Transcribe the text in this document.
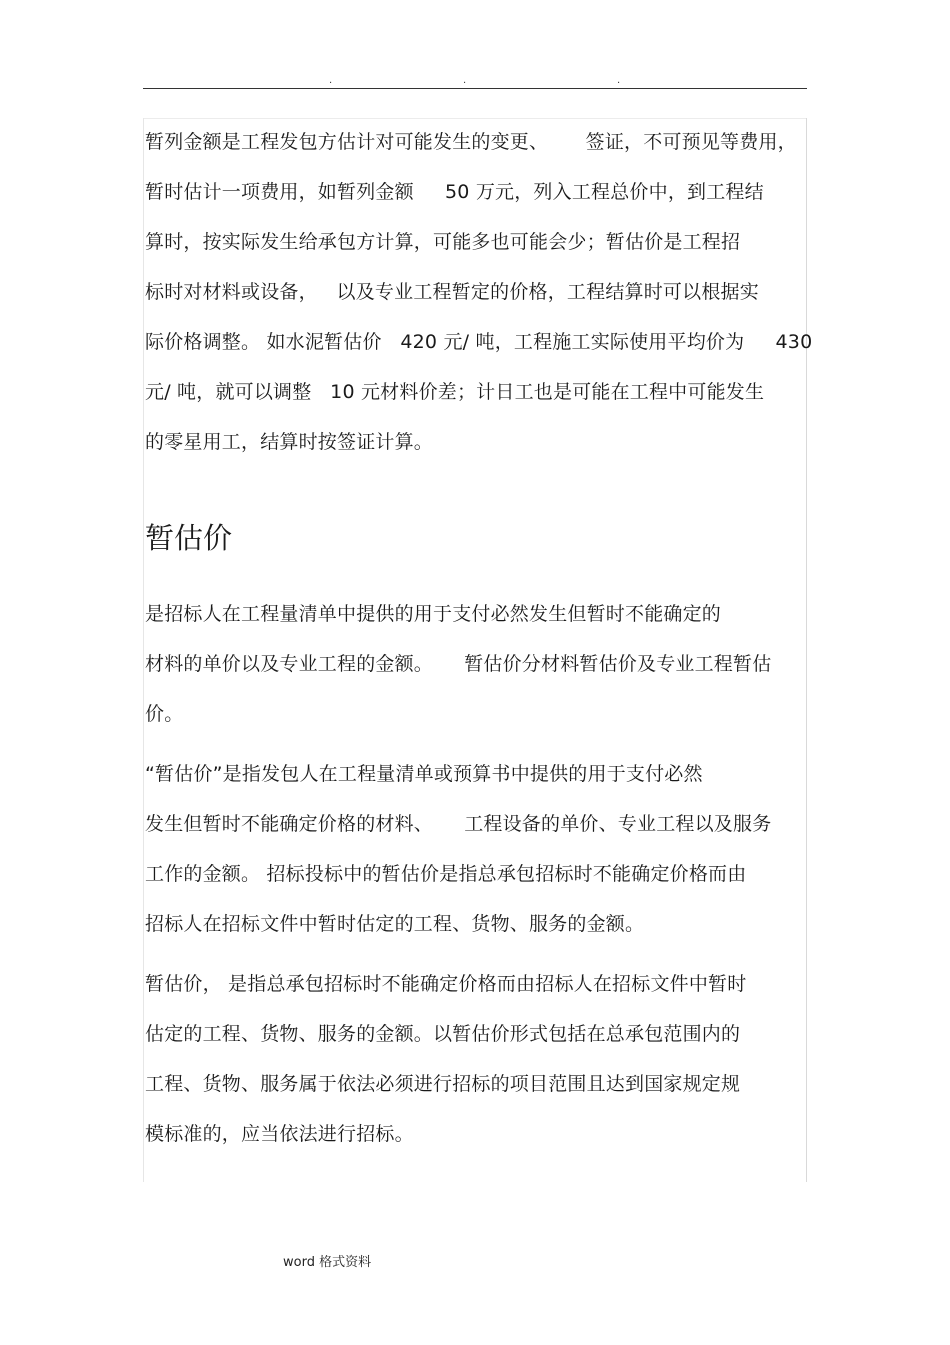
.	.	.
暂列金额是工程发包方估计对可能发生的变更、      签证，不可预见等费用，
暂时估计一项费用，如暂列金额     50 万元，列入工程总价中，到工程结
算时，按实际发生给承包方计算，可能多也可能会少；暂估价是工程招
标时对材料或设备，   以及专业工程暂定的价格，工程结算时可以根据实
际价格调整。 如水泥暂估价   420 元/ 吨，工程施工实际使用平均价为     430
元/ 吨，就可以调整   10 元材料价差；计日工也是可能在工程中可能发生
的零星用工，结算时按签证计算。
暂估价
是招标人在工程量清单中提供的用于支付必然发生但暂时不能确定的
材料的单价以及专业工程的金额。     暂估价分材料暂估价及专业工程暂估
价。
“暂估价”是指发包人在工程量清单或预算书中提供的用于支付必然
发生但暂时不能确定价格的材料、     工程设备的单价、专业工程以及服务
工作的金额。 招标投标中的暂估价是指总承包招标时不能确定价格而由
招标人在招标文件中暂时估定的工程、货物、服务的金额。
暂估价， 是指总承包招标时不能确定价格而由招标人在招标文件中暂时
估定的工程、货物、服务的金额。以暂估价形式包括在总承包范围内的
工程、货物、服务属于依法必须进行招标的项目范围且达到国家规定规
模标准的，应当依法进行招标。
word 格式资料
